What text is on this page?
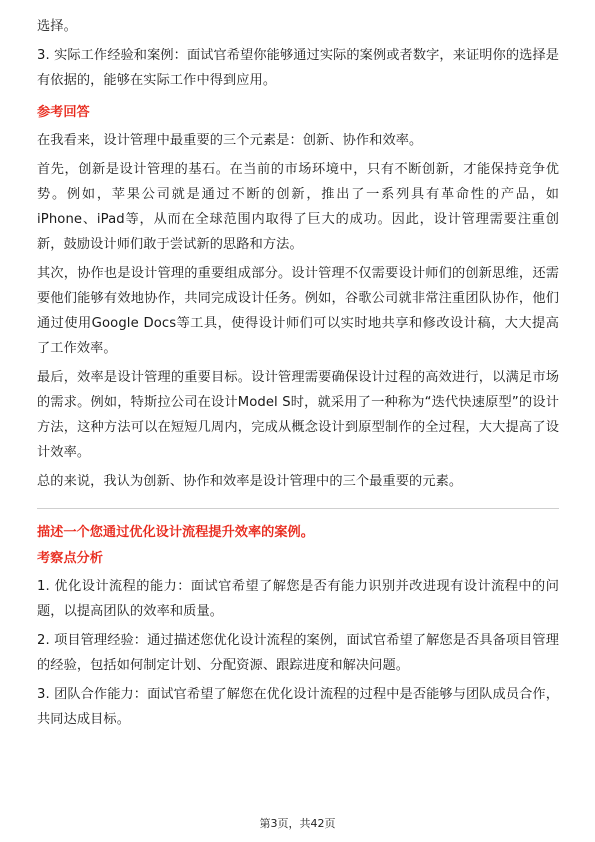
选择。

3. 实际工作经验和案例：面试官希望你能够通过实际的案例或者数字，来证明你的选择是有依据的，能够在实际工作中得到应用。

参考回答

在我看来，设计管理中最重要的三个元素是：创新、协作和效率。

首先，创新是设计管理的基石。在当前的市场环境中，只有不断创新，才能保持竞争优势。例如，苹果公司就是通过不断的创新，推出了一系列具有革命性的产品，如iPhone、iPad等，从而在全球范围内取得了巨大的成功。因此，设计管理需要注重创新，鼓励设计师们敢于尝试新的思路和方法。

其次，协作也是设计管理的重要组成部分。设计管理不仅需要设计师们的创新思维，还需要他们能够有效地协作，共同完成设计任务。例如，谷歌公司就非常注重团队协作，他们通过使用Google Docs等工具，使得设计师们可以实时地共享和修改设计稿，大大提高了工作效率。

最后，效率是设计管理的重要目标。设计管理需要确保设计过程的高效进行，以满足市场的需求。例如，特斯拉公司在设计Model S时，就采用了一种称为“迭代快速原型”的设计方法，这种方法可以在短短几周内，完成从概念设计到原型制作的全过程，大大提高了设计效率。

总的来说，我认为创新、协作和效率是设计管理中的三个最重要的元素。

描述一个您通过优化设计流程提升效率的案例。
考察点分析

1. 优化设计流程的能力：面试官希望了解您是否有能力识别并改进现有设计流程中的问题，以提高团队的效率和质量。

2. 项目管理经验：通过描述您优化设计流程的案例，面试官希望了解您是否具备项目管理的经验，包括如何制定计划、分配资源、跟踪进度和解决问题。

3. 团队合作能力：面试官希望了解您在优化设计流程的过程中是否能够与团队成员合作，共同达成目标。

第3页，共42页
